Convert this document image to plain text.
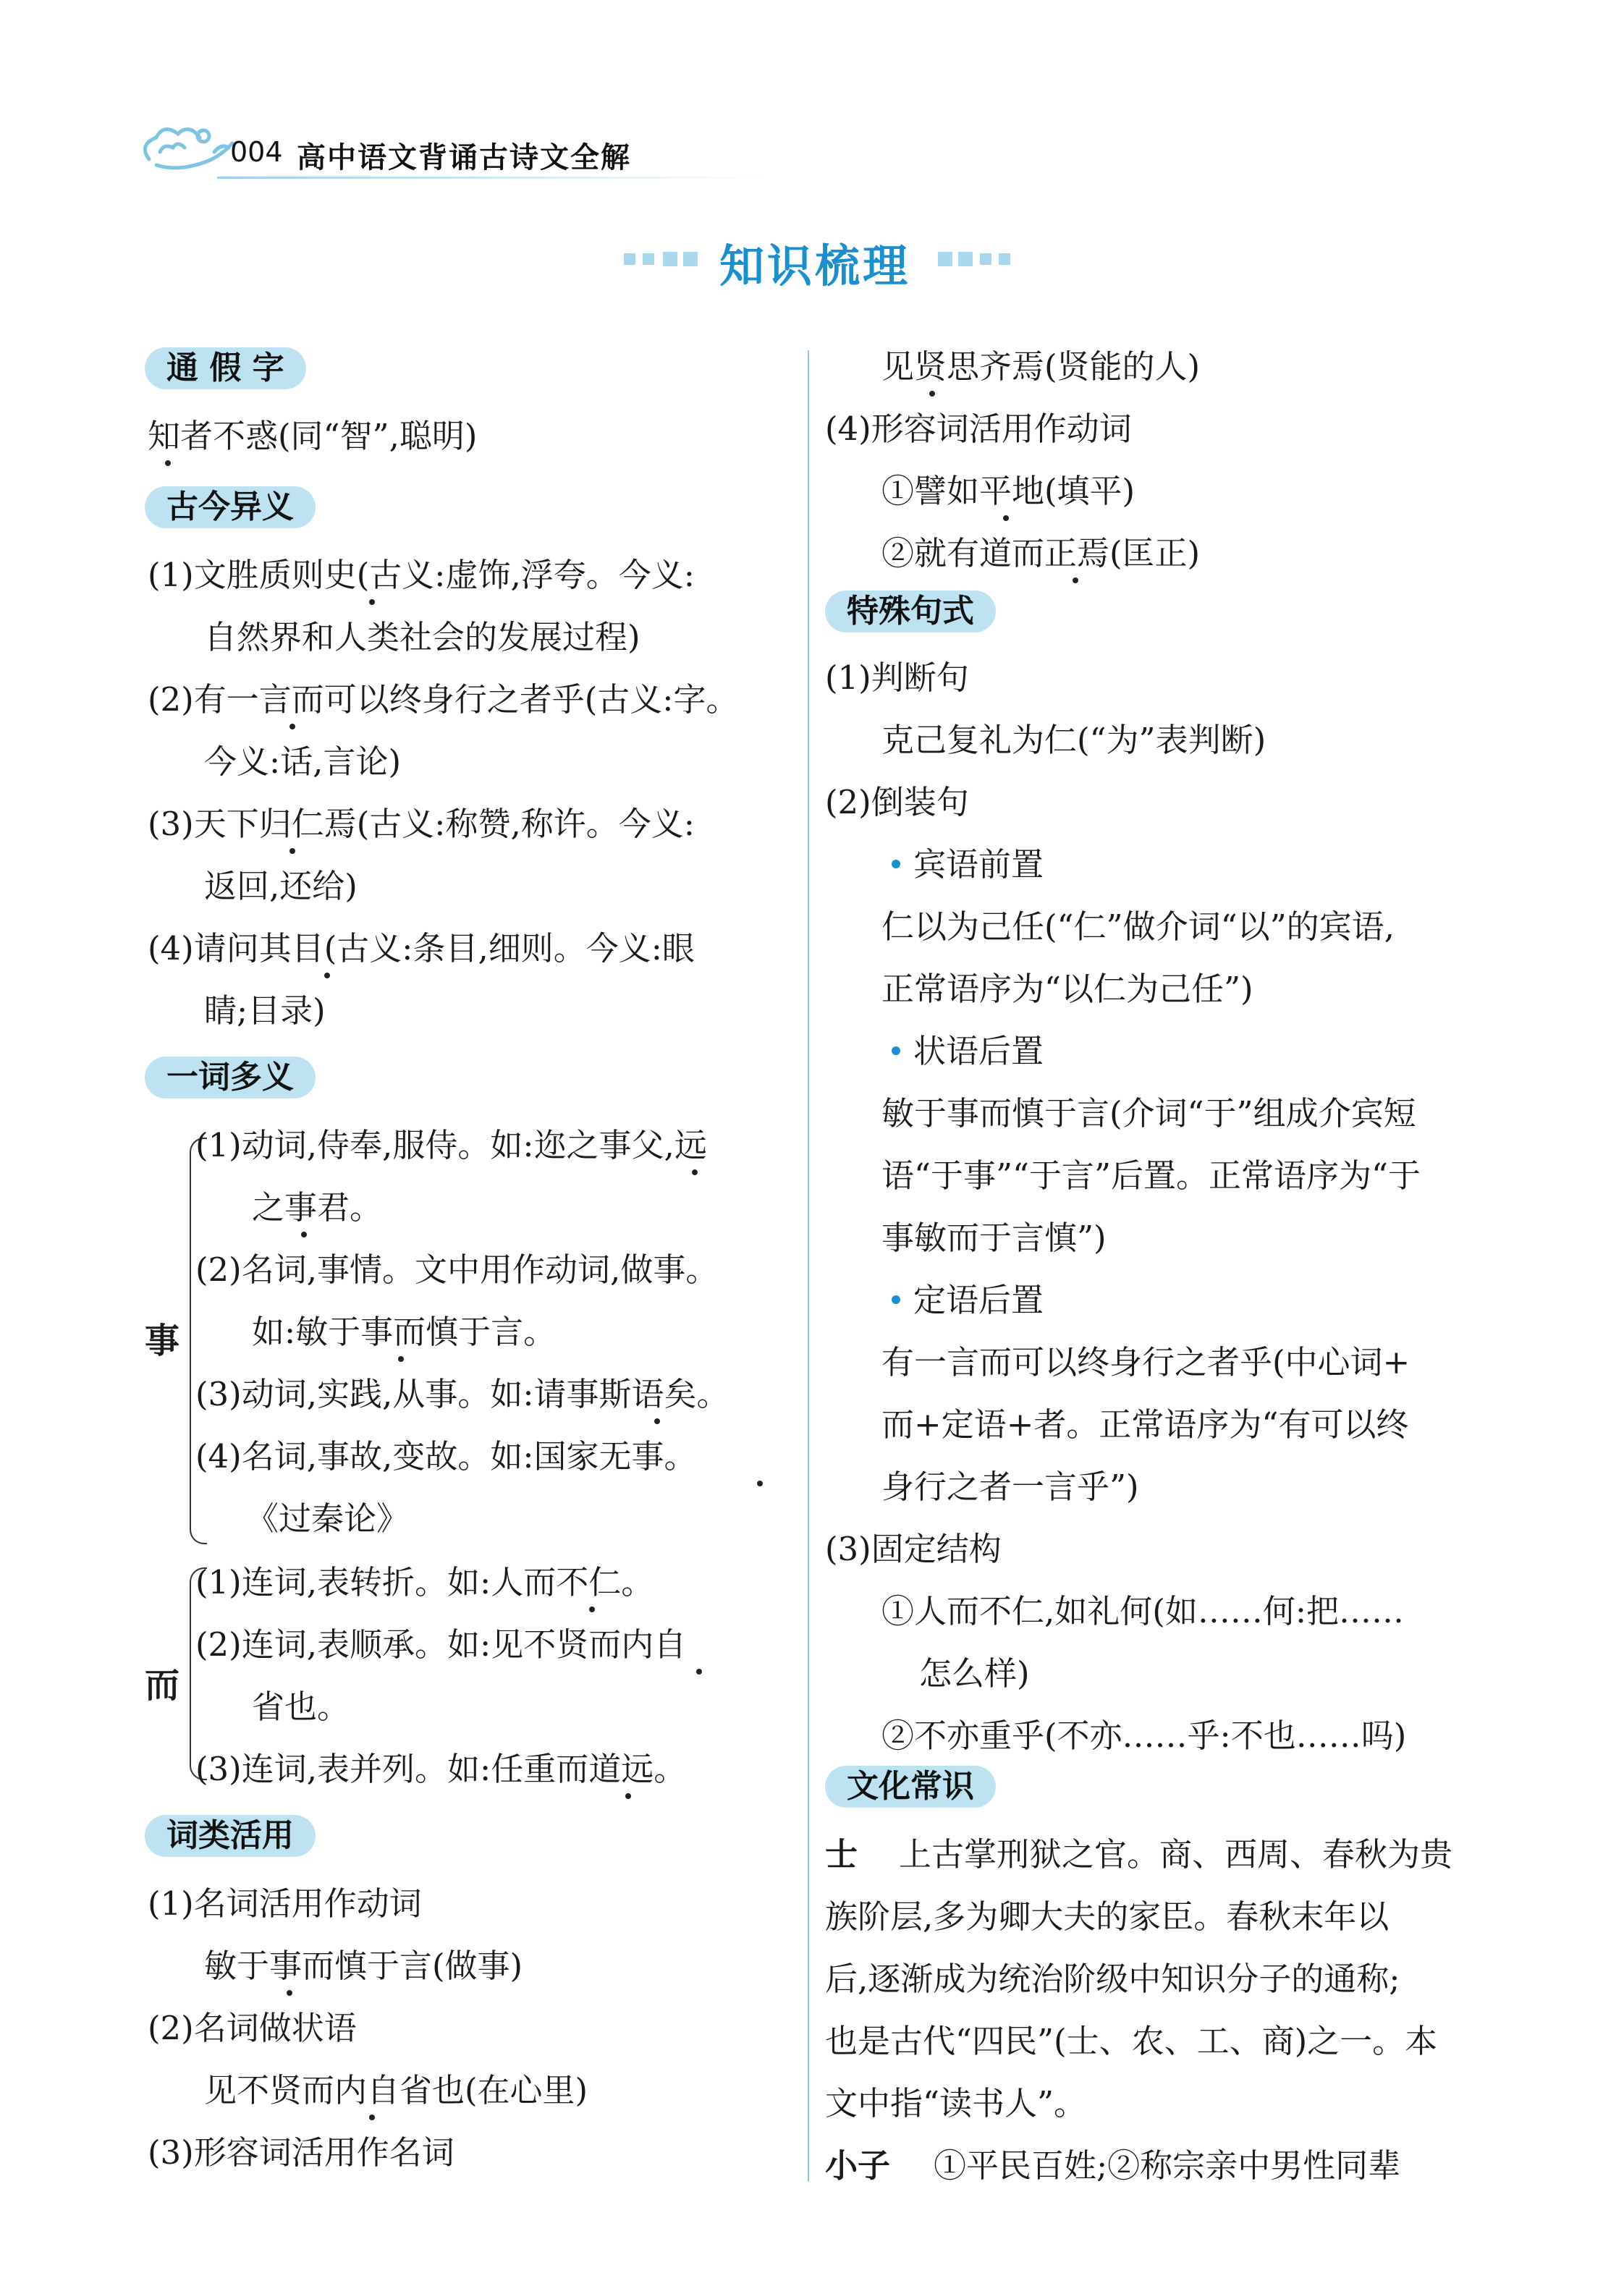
004 高中语文背诵古诗文全解
知识梳理
通 假 字
知者不惑(同“智”,聪明)
古今异义
(1)文胜质则史(古义:虚饰,浮夸。今义:
自然界和人类社会的发展过程)
(2)有一言而可以终身行之者乎(古义:字。
今义:话,言论)
(3)天下归仁焉(古义:称赞,称许。今义:
返回,还给)
(4)请问其目(古义:条目,细则。今义:眼
睛;目录)
一词多义
事
(1)动词,侍奉,服侍。如:迩之事父,远
之事君。
(2)名词,事情。文中用作动词,做事。
如:敏于事而慎于言。
(3)动词,实践,从事。如:请事斯语矣。
(4)名词,事故,变故。如:国家无事。
《过秦论》
而
(1)连词,表转折。如:人而不仁。
(2)连词,表顺承。如:见不贤而内自
省也。
(3)连词,表并列。如:任重而道远。
词类活用
(1)名词活用作动词
敏于事而慎于言(做事)
(2)名词做状语
见不贤而内自省也(在心里)
(3)形容词活用作名词
见贤思齐焉(贤能的人)
(4)形容词活用作动词
①譬如平地(填平)
②就有道而正焉(匡正)
特殊句式
(1)判断句
克己复礼为仁(“为”表判断)
(2)倒装句
宾语前置
仁以为己任(“仁”做介词“以”的宾语,
正常语序为“以仁为己任”)
状语后置
敏于事而慎于言(介词“于”组成介宾短
语“于事”“于言”后置。正常语序为“于
事敏而于言慎”)
定语后置
有一言而可以终身行之者乎(中心词+
而+定语+者。正常语序为“有可以终
身行之者一言乎”)
(3)固定结构
①人而不仁,如礼何(如……何:把……
怎么样)
②不亦重乎(不亦……乎:不也……吗)
文化常识
士 上古掌刑狱之官。商、西周、春秋为贵
族阶层,多为卿大夫的家臣。春秋末年以
后,逐渐成为统治阶级中知识分子的通称;
也是古代“四民”(士、农、工、商)之一。本
文中指“读书人”。
小子 ①平民百姓;②称宗亲中男性同辈
